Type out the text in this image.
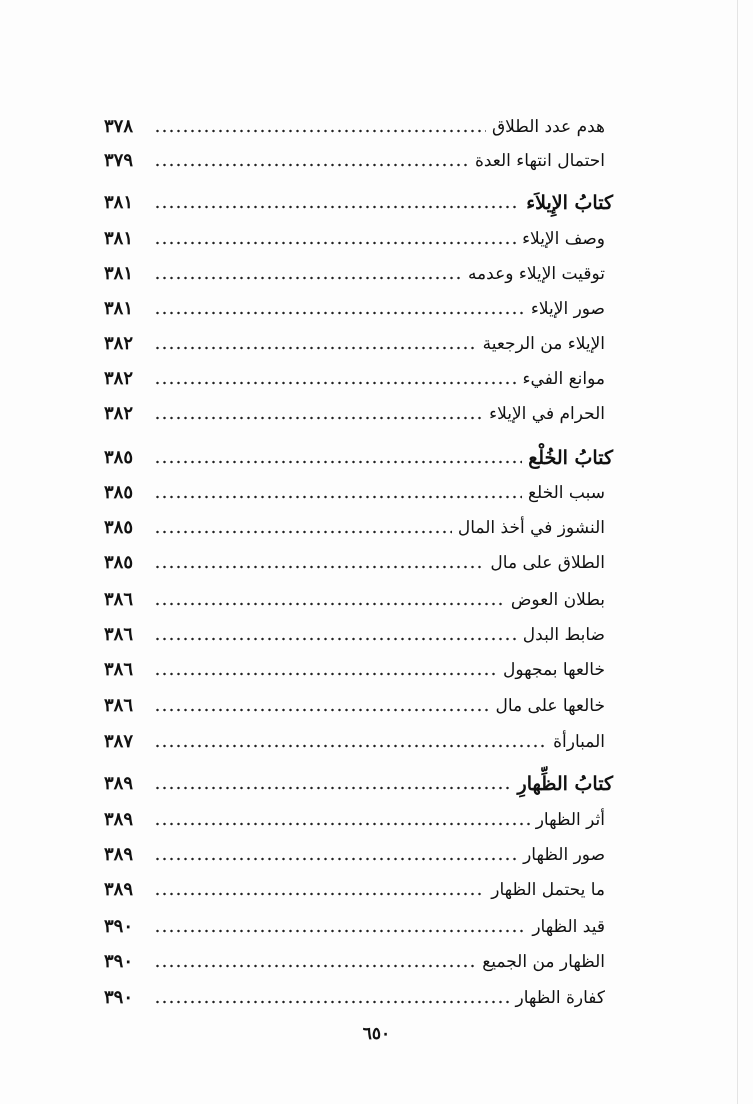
هدم عدد الطلاق
٣٧٨
احتمال انتهاء العدة
٣٧٩
كتابُ الإِيلاَء
٣٨١
وصف الإيلاء
٣٨١
توقيت الإيلاء وعدمه
٣٨١
صور الإيلاء
٣٨١
الإيلاء من الرجعية
٣٨٢
موانع الفيء
٣٨٢
الحرام في الإيلاء
٣٨٢
كتابُ الخُلْع
٣٨٥
سبب الخلع
٣٨٥
النشوز في أخذ المال
٣٨٥
الطلاق على مال
٣٨٥
بطلان العوض
٣٨٦
ضابط البدل
٣٨٦
خالعها بمجهول
٣٨٦
خالعها على مال
٣٨٦
المبارأة
٣٨٧
كتابُ الظِّهارِ
٣٨٩
أثر الظهار
٣٨٩
صور الظهار
٣٨٩
ما يحتمل الظهار
٣٨٩
قيد الظهار
٣٩٠
الظهار من الجميع
٣٩٠
كفارة الظهار
٣٩٠
٦٥٠
